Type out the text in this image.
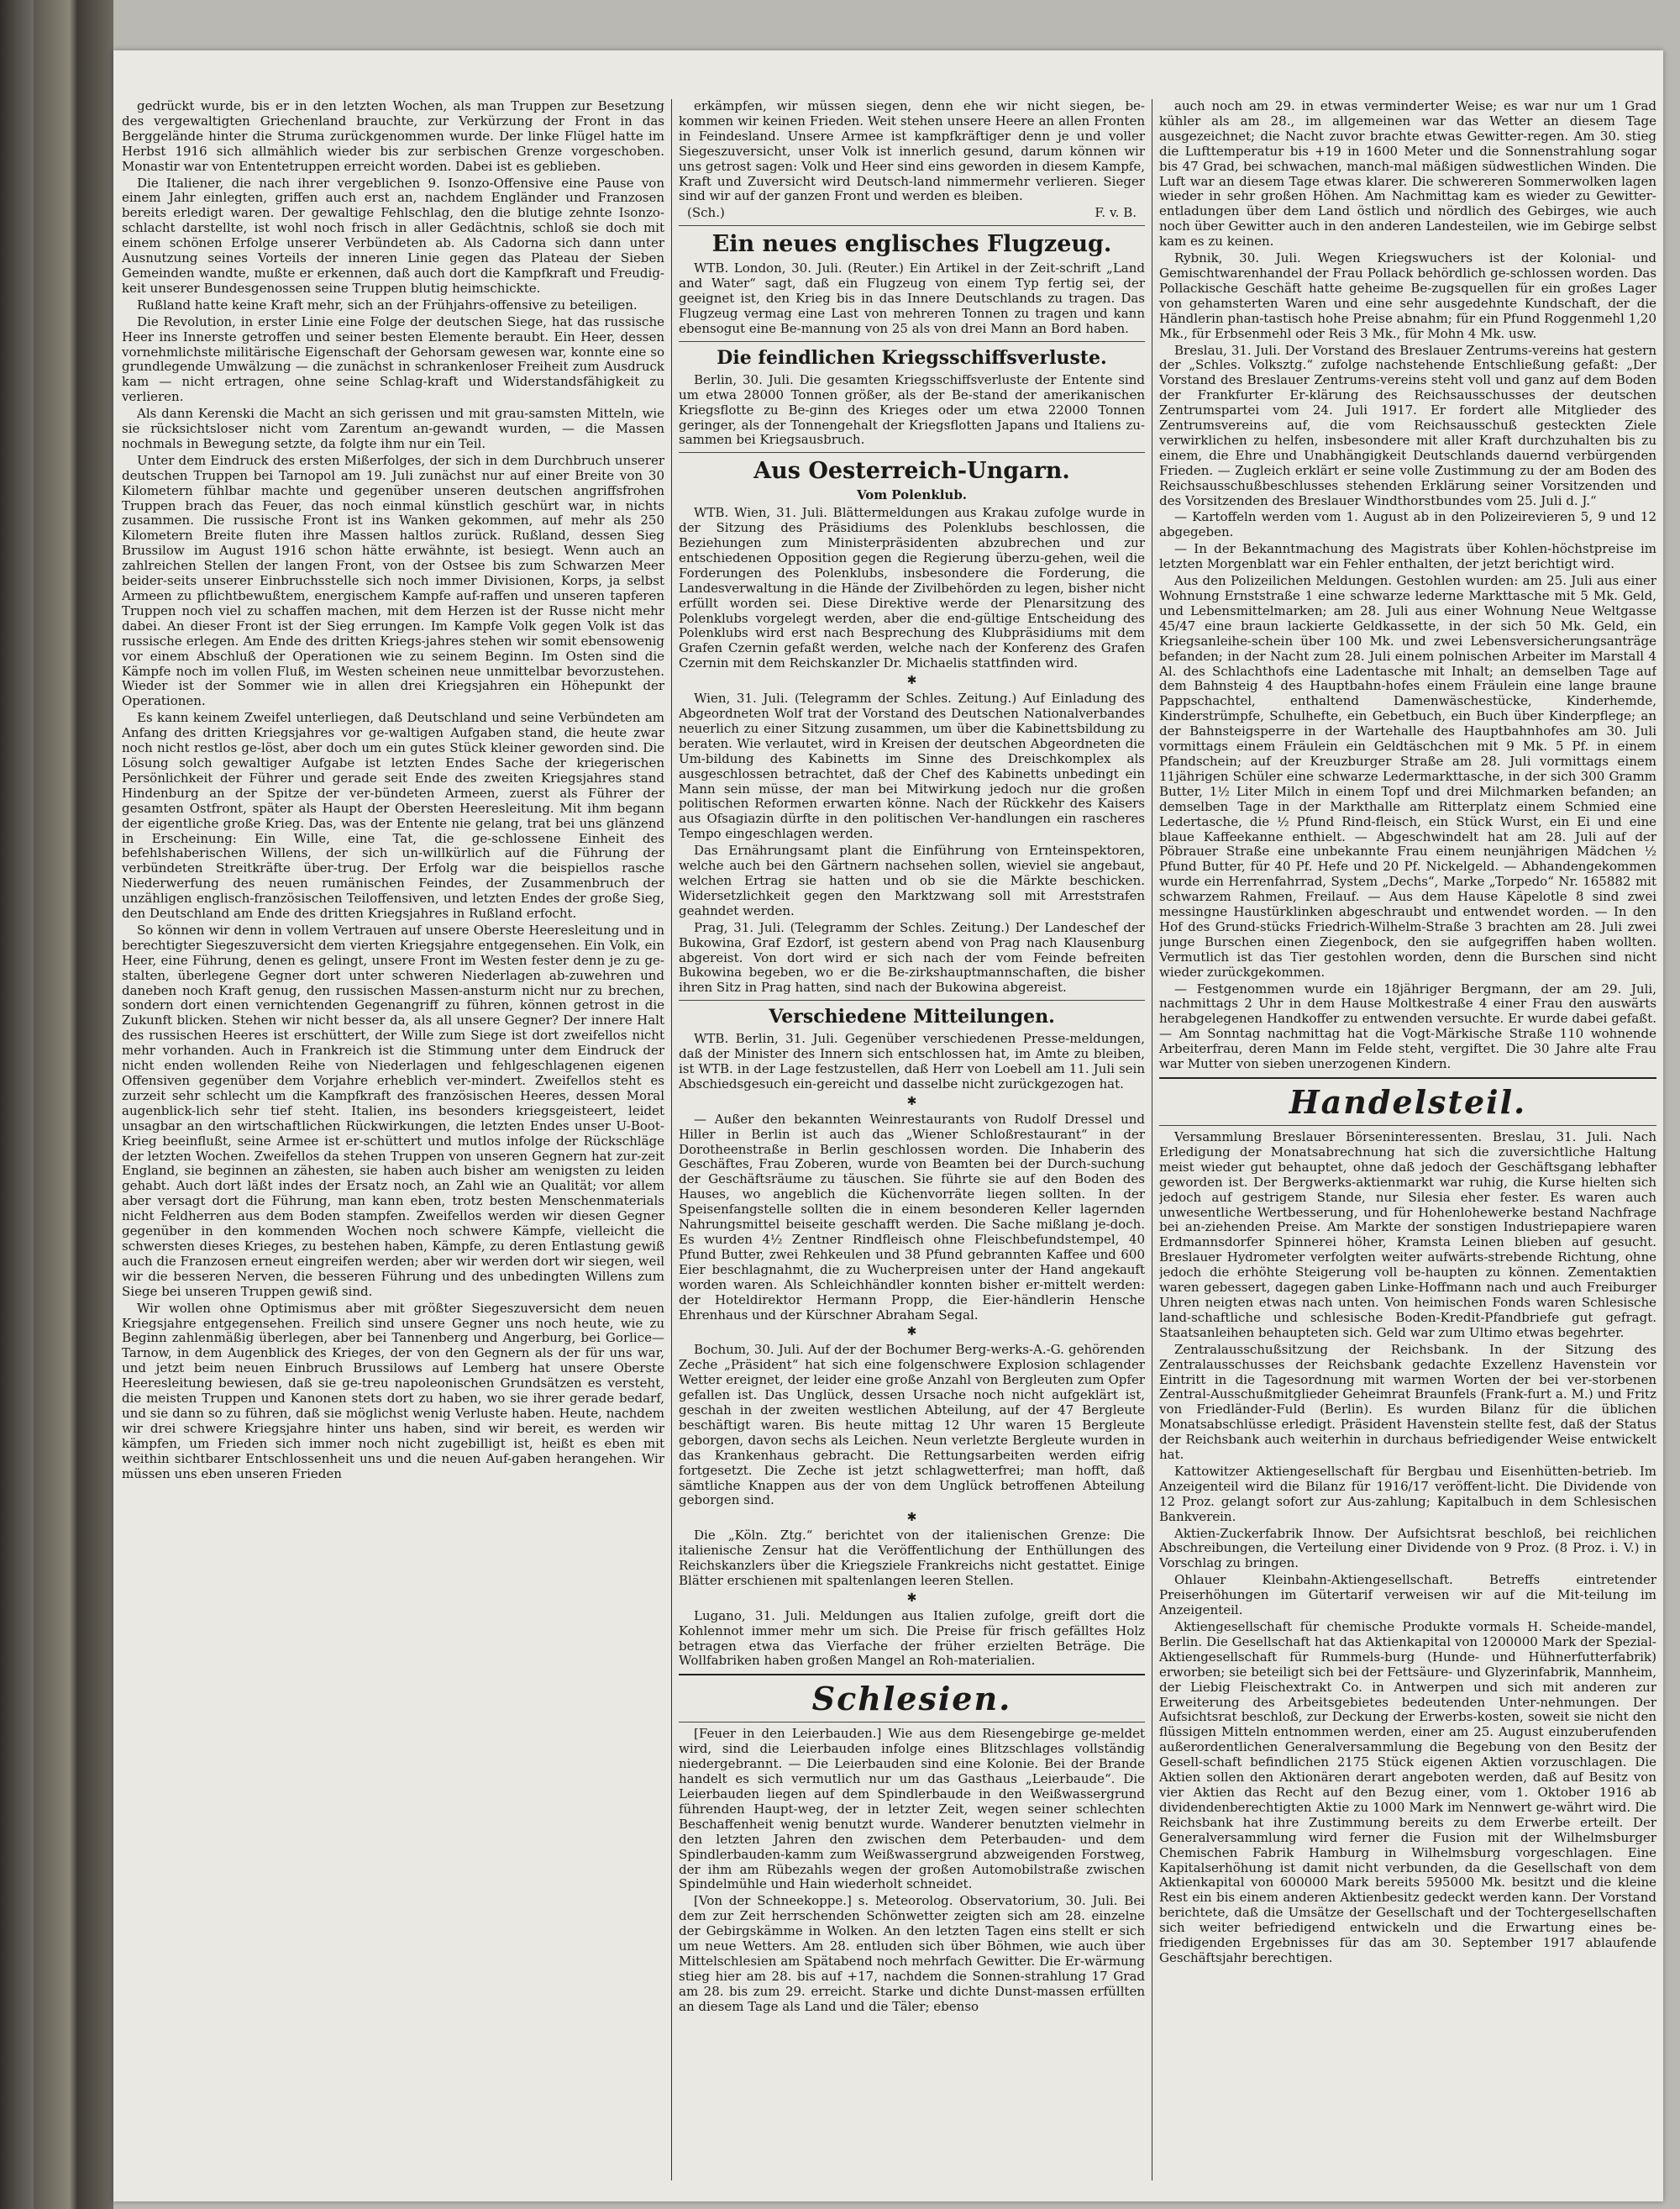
gedrückt wurde, bis er in den letzten Wochen, als man Truppen zur Besetzung des vergewaltigten Griechenland brauchte, zur Verkürzung der Front in das Berggelände hinter die Struma zurückgenommen wurde. Der linke Flügel hatte im Herbst 1916 sich allmählich wieder bis zur serbischen Grenze vorgeschoben. Monastir war von Ententetruppen erreicht worden. Dabei ist es geblieben.

Die Italiener, die nach ihrer vergeblichen 9. Isonzo-Offensive eine Pause von einem Jahr einlegten, griffen auch erst an, nachdem Engländer und Franzosen bereits erledigt waren. Der gewaltige Fehlschlag, den die blutige zehnte Isonzo-schlacht darstellte, ist wohl noch frisch in aller Gedächtnis, schloß sie doch mit einem schönen Erfolge unserer Verbündeten ab. Als Cadorna sich dann unter Ausnutzung seines Vorteils der inneren Linie gegen das Plateau der Sieben Gemeinden wandte, mußte er erkennen, daß auch dort die Kampfkraft und Freudig-keit unserer Bundesgenossen seine Truppen blutig heimschickte.

Rußland hatte keine Kraft mehr, sich an der Frühjahrs-offensive zu beteiligen.

Die Revolution, in erster Linie eine Folge der deutschen Siege, hat das russische Heer ins Innerste getroffen und seiner besten Elemente beraubt. Ein Heer, dessen vornehmlichste militärische Eigenschaft der Gehorsam gewesen war, konnte eine so grundlegende Umwälzung — die zunächst in schrankenloser Freiheit zum Ausdruck kam — nicht ertragen, ohne seine Schlag-kraft und Widerstandsfähigkeit zu verlieren.

Als dann Kerenski die Macht an sich gerissen und mit grau-samsten Mitteln, wie sie rücksichtsloser nicht vom Zarentum an-gewandt wurden, — die Massen nochmals in Bewegung setzte, da folgte ihm nur ein Teil.

Unter dem Eindruck des ersten Mißerfolges, der sich in dem Durchbruch unserer deutschen Truppen bei Tarnopol am 19. Juli zunächst nur auf einer Breite von 30 Kilometern fühlbar machte und gegenüber unseren deutschen angriffsfrohen Truppen brach das Feuer, das noch einmal künstlich geschürt war, in nichts zusammen. Die russische Front ist ins Wanken gekommen, auf mehr als 250 Kilometern Breite fluten ihre Massen haltlos zurück. Rußland, dessen Sieg Brussilow im August 1916 schon hätte erwähnte, ist besiegt. Wenn auch an zahlreichen Stellen der langen Front, von der Ostsee bis zum Schwarzen Meer beider-seits unserer Einbruchsstelle sich noch immer Divisionen, Korps, ja selbst Armeen zu pflichtbewußtem, energischem Kampfe auf-raffen und unseren tapferen Truppen noch viel zu schaffen machen, mit dem Herzen ist der Russe nicht mehr dabei. An dieser Front ist der Sieg errungen. Im Kampfe Volk gegen Volk ist das russische erlegen. Am Ende des dritten Kriegs-jahres stehen wir somit ebensowenig vor einem Abschluß der Operationen wie zu seinem Beginn. Im Osten sind die Kämpfe noch im vollen Fluß, im Westen scheinen neue unmittelbar bevorzustehen. Wieder ist der Sommer wie in allen drei Kriegsjahren ein Höhepunkt der Operationen.

Es kann keinem Zweifel unterliegen, daß Deutschland und seine Verbündeten am Anfang des dritten Kriegsjahres vor ge-waltigen Aufgaben stand, die heute zwar noch nicht restlos ge-löst, aber doch um ein gutes Stück kleiner geworden sind. Die Lösung solch gewaltiger Aufgabe ist letzten Endes Sache der kriegerischen Persönlichkeit der Führer und gerade seit Ende des zweiten Kriegsjahres stand Hindenburg an der Spitze der ver-bündeten Armeen, zuerst als Führer der gesamten Ostfront, später als Haupt der Obersten Heeresleitung. Mit ihm begann der eigentliche große Krieg. Das, was der Entente nie gelang, trat bei uns glänzend in Erscheinung: Ein Wille, eine Tat, die ge-schlossene Einheit des befehlshaberischen Willens, der sich un-willkürlich auf die Führung der verbündeten Streitkräfte über-trug. Der Erfolg war die beispiellos rasche Niederwerfung des neuen rumänischen Feindes, der Zusammenbruch der unzähligen englisch-französischen Teiloffensiven, und letzten Endes der große Sieg, den Deutschland am Ende des dritten Kriegsjahres in Rußland erfocht.

So können wir denn in vollem Vertrauen auf unsere Oberste Heeresleitung und in berechtigter Siegeszuversicht dem vierten Kriegsjahre entgegensehen. Ein Volk, ein Heer, eine Führung, denen es gelingt, unsere Front im Westen fester denn je zu ge-stalten, überlegene Gegner dort unter schweren Niederlagen ab-zuwehren und daneben noch Kraft genug, den russischen Massen-ansturm nicht nur zu brechen, sondern dort einen vernichtenden Gegenangriff zu führen, können getrost in die Zukunft blicken. Stehen wir nicht besser da, als all unsere Gegner? Der innere Halt des russischen Heeres ist erschüttert, der Wille zum Siege ist dort zweifellos nicht mehr vorhanden. Auch in Frankreich ist die Stimmung unter dem Eindruck der nicht enden wollenden Reihe von Niederlagen und fehlgeschlagenen eigenen Offensiven gegenüber dem Vorjahre erheblich ver-mindert. Zweifellos steht es zurzeit sehr schlecht um die Kampfkraft des französischen Heeres, dessen Moral augenblick-lich sehr tief steht. Italien, ins besonders kriegsgeisteert, leidet unsagbar an den wirtschaftlichen Rückwirkungen, die letzten Endes unser U-Boot-Krieg beeinflußt, seine Armee ist er-schüttert und mutlos infolge der Rückschläge der letzten Wochen. Zweifellos da stehen Truppen von unseren Gegnern hat zur-zeit England, sie beginnen an zähesten, sie haben auch bisher am wenigsten zu leiden gehabt. Auch dort läßt indes der Ersatz noch, an Zahl wie an Qualität; vor allem aber versagt dort die Führung, man kann eben, trotz besten Menschenmaterials nicht Feldherren aus dem Boden stampfen. Zweifellos werden wir diesen Gegner gegenüber in den kommenden Wochen noch schwere Kämpfe, vielleicht die schwersten dieses Krieges, zu bestehen haben, Kämpfe, zu deren Entlastung gewiß auch die Franzosen erneut eingreifen werden; aber wir werden dort wir siegen, weil wir die besseren Nerven, die besseren Führung und des unbedingten Willens zum Siege bei unseren Truppen gewiß sind.

Wir wollen ohne Optimismus aber mit größter Siegeszuversicht dem neuen Kriegsjahre entgegensehen. Freilich sind unsere Gegner uns noch heute, wie zu Beginn zahlenmäßig überlegen, aber bei Tannenberg und Angerburg, bei Gorlice—Tarnow, in dem Augenblick des Krieges, der von den Gegnern als der für uns war, und jetzt beim neuen Einbruch Brussilows auf Lemberg hat unsere Oberste Heeresleitung bewiesen, daß sie ge-treu napoleonischen Grundsätzen es versteht, die meisten Truppen und Kanonen stets dort zu haben, wo sie ihrer gerade bedarf, und sie dann so zu führen, daß sie möglichst wenig Verluste haben. Heute, nachdem wir drei schwere Kriegsjahre hinter uns haben, sind wir bereit, es werden wir kämpfen, um Frieden sich immer noch nicht zugebilligt ist, heißt es eben mit weithin sichtbarer Entschlossenheit uns und die neuen Auf-gaben herangehen. Wir müssen uns eben unseren Frieden

erkämpfen, wir müssen siegen, denn ehe wir nicht siegen, be-kommen wir keinen Frieden. Weit stehen unsere Heere an allen Fronten in Feindesland. Unsere Armee ist kampfkräftiger denn je und voller Siegeszuversicht, unser Volk ist innerlich gesund, darum können wir uns getrost sagen: Volk und Heer sind eins geworden in diesem Kampfe, Kraft und Zuversicht wird Deutsch-land nimmermehr verlieren. Sieger sind wir auf der ganzen Front und werden es bleiben.

(Sch.)	F. v. B.
Ein neues englisches Flugzeug.

WTB. London, 30. Juli. (Reuter.) Ein Artikel in der Zeit-schrift „Land and Water“ sagt, daß ein Flugzeug von einem Typ fertig sei, der geeignet ist, den Krieg bis in das Innere Deutschlands zu tragen. Das Flugzeug vermag eine Last von mehreren Tonnen zu tragen und kann ebensogut eine Be-mannung von 25 als von drei Mann an Bord haben.

Die feindlichen Kriegsschiffsverluste.

Berlin, 30. Juli. Die gesamten Kriegsschiffsverluste der Entente sind um etwa 28000 Tonnen größer, als der Be-stand der amerikanischen Kriegsflotte zu Be-ginn des Krieges oder um etwa 22000 Tonnen geringer, als der Tonnengehalt der Kriegsflotten Japans und Italiens zu-sammen bei Kriegsausbruch.

Aus Oesterreich-Ungarn.
Vom Polenklub.

WTB. Wien, 31. Juli. Blättermeldungen aus Krakau zufolge wurde in der Sitzung des Präsidiums des Polenklubs beschlossen, die Beziehungen zum Ministerpräsidenten abzubrechen und zur entschiedenen Opposition gegen die Regierung überzu-gehen, weil die Forderungen des Polenklubs, insbesondere die Forderung, die Landesverwaltung in die Hände der Zivilbehörden zu legen, bisher nicht erfüllt worden sei. Diese Direktive werde der Plenarsitzung des Polenklubs vorgelegt werden, aber die end-gültige Entscheidung des Polenklubs wird erst nach Besprechung des Klubpräsidiums mit dem Grafen Czernin gefaßt werden, welche nach der Konferenz des Grafen Czernin mit dem Reichskanzler Dr. Michaelis stattfinden wird.

✱

Wien, 31. Juli. (Telegramm der Schles. Zeitung.) Auf Einladung des Abgeordneten Wolf trat der Vorstand des Deutschen Nationalverbandes neuerlich zu einer Sitzung zusammen, um über die Kabinettsbildung zu beraten. Wie verlautet, wird in Kreisen der deutschen Abgeordneten die Um-bildung des Kabinetts im Sinne des Dreischkomplex als ausgeschlossen betrachtet, daß der Chef des Kabinetts unbedingt ein Mann sein müsse, der man bei Mitwirkung jedoch nur die großen politischen Reformen erwarten könne. Nach der Rückkehr des Kaisers aus Ofsagiazin dürfte in den politischen Ver-handlungen ein rascheres Tempo eingeschlagen werden.

Das Ernährungsamt plant die Einführung von Ernteinspektoren, welche auch bei den Gärtnern nachsehen sollen, wieviel sie angebaut, welchen Ertrag sie hatten und ob sie die Märkte beschicken. Widersetzlichkeit gegen den Marktzwang soll mit Arreststrafen geahndet werden.

Prag, 31. Juli. (Telegramm der Schles. Zeitung.) Der Landeschef der Bukowina, Graf Ezdorf, ist gestern abend von Prag nach Klausenburg abgereist. Von dort wird er sich nach der vom Feinde befreiten Bukowina begeben, wo er die Be-zirkshauptmannschaften, die bisher ihren Sitz in Prag hatten, sind nach der Bukowina abgereist.

Verschiedene Mitteilungen.

WTB. Berlin, 31. Juli. Gegenüber verschiedenen Presse-meldungen, daß der Minister des Innern sich entschlossen hat, im Amte zu bleiben, ist WTB. in der Lage festzustellen, daß Herr von Loebell am 11. Juli sein Abschiedsgesuch ein-gereicht und dasselbe nicht zurückgezogen hat.

✱

— Außer den bekannten Weinrestaurants von Rudolf Dressel und Hiller in Berlin ist auch das „Wiener Schloßrestaurant“ in der Dorotheenstraße in Berlin geschlossen worden. Die Inhaberin des Geschäftes, Frau Zoberen, wurde von Beamten bei der Durch-suchung der Geschäftsräume zu täuschen. Sie führte sie auf den Boden des Hauses, wo angeblich die Küchenvorräte liegen sollten. In der Speisenfangstelle sollten die in einem besonderen Keller lagernden Nahrungsmittel beiseite geschafft werden. Die Sache mißlang je-doch. Es wurden 4½ Zentner Rindfleisch ohne Fleischbefundstempel, 40 Pfund Butter, zwei Rehkeulen und 38 Pfund gebrannten Kaffee und 600 Eier beschlagnahmt, die zu Wucherpreisen unter der Hand angekauft worden waren. Als Schleichhändler konnten bisher er-mittelt werden: der Hoteldirektor Hermann Propp, die Eier-händlerin Hensche Ehrenhaus und der Kürschner Abraham Segal.

✱

Bochum, 30. Juli. Auf der der Bochumer Berg-werks-A.-G. gehörenden Zeche „Präsident“ hat sich eine folgenschwere Explosion schlagender Wetter ereignet, der leider eine große Anzahl von Bergleuten zum Opfer gefallen ist. Das Unglück, dessen Ursache noch nicht aufgeklärt ist, geschah in der zweiten westlichen Abteilung, auf der 47 Bergleute beschäftigt waren. Bis heute mittag 12 Uhr waren 15 Bergleute geborgen, davon sechs als Leichen. Neun verletzte Bergleute wurden in das Krankenhaus gebracht. Die Rettungsarbeiten werden eifrig fortgesetzt. Die Zeche ist jetzt schlagwetterfrei; man hofft, daß sämtliche Knappen aus der von dem Unglück betroffenen Abteilung geborgen sind.

✱

Die „Köln. Ztg.“ berichtet von der italienischen Grenze: Die italienische Zensur hat die Veröffentlichung der Enthüllungen des Reichskanzlers über die Kriegsziele Frankreichs nicht gestattet. Einige Blätter erschienen mit spaltenlangen leeren Stellen.

✱

Lugano, 31. Juli. Meldungen aus Italien zufolge, greift dort die Kohlennot immer mehr um sich. Die Preise für frisch gefälltes Holz betragen etwa das Vierfache der früher erzielten Beträge. Die Wollfabriken haben großen Mangel an Roh-materialien.

Schlesien.

[Feuer in den Leierbauden.] Wie aus dem Riesengebirge ge-meldet wird, sind die Leierbauden infolge eines Blitzschlages vollständig niedergebrannt. — Die Leierbauden sind eine Kolonie. Bei der Brande handelt es sich vermutlich nur um das Gasthaus „Leierbaude“. Die Leierbauden liegen auf dem Spindlerbaude in den Weißwassergrund führenden Haupt-weg, der in letzter Zeit, wegen seiner schlechten Beschaffenheit wenig benutzt wurde. Wanderer benutzten vielmehr in den letzten Jahren den zwischen dem Peterbauden- und dem Spindlerbauden-kamm zum Weißwassergrund abzweigenden Forstweg, der ihm am Rübezahls wegen der großen Automobilstraße zwischen Spindelmühle und Hain wiederholt schneidet.

[Von der Schneekoppe.] s. Meteorolog. Observatorium, 30. Juli. Bei dem zur Zeit herrschenden Schönwetter zeigten sich am 28. einzelne der Gebirgskämme in Wolken. An den letzten Tagen eins stellt er sich um neue Wetters. Am 28. entluden sich über Böhmen, wie auch über Mittelschlesien am Spätabend noch mehrfach Gewitter. Die Er-wärmung stieg hier am 28. bis auf +17, nachdem die Sonnen-strahlung 17 Grad am 28. bis zum 29. erreicht. Starke und dichte Dunst-massen erfüllten an diesem Tage als Land und die Täler; ebenso

auch noch am 29. in etwas verminderter Weise; es war nur um 1 Grad kühler als am 28., im allgemeinen war das Wetter an diesem Tage ausgezeichnet; die Nacht zuvor brachte etwas Gewitter-regen. Am 30. stieg die Lufttemperatur bis +19 in 1600 Meter und die Sonnenstrahlung sogar bis 47 Grad, bei schwachen, manch-mal mäßigen südwestlichen Winden. Die Luft war an diesem Tage etwas klarer. Die schwereren Sommerwolken lagen wieder in sehr großen Höhen. Am Nachmittag kam es wieder zu Gewitter-entladungen über dem Land östlich und nördlich des Gebirges, wie auch noch über Gewitter auch in den anderen Landesteilen, wie im Gebirge selbst kam es zu keinen.

Rybnik, 30. Juli. Wegen Kriegswuchers ist der Kolonial- und Gemischtwarenhandel der Frau Pollack behördlich ge-schlossen worden. Das Pollackische Geschäft hatte geheime Be-zugsquellen für ein großes Lager von gehamsterten Waren und eine sehr ausgedehnte Kundschaft, der die Händlerin phan-tastisch hohe Preise abnahm; für ein Pfund Roggenmehl 1,20 Mk., für Erbsenmehl oder Reis 3 Mk., für Mohn 4 Mk. usw.

Breslau, 31. Juli. Der Vorstand des Breslauer Zentrums-vereins hat gestern der „Schles. Volksztg.“ zufolge nachstehende Entschließung gefaßt: „Der Vorstand des Breslauer Zentrums-vereins steht voll und ganz auf dem Boden der Frankfurter Er-klärung des Reichsausschusses der deutschen Zentrumspartei vom 24. Juli 1917. Er fordert alle Mitglieder des Zentrumsvereins auf, die vom Reichsausschuß gesteckten Ziele verwirklichen zu helfen, insbesondere mit aller Kraft durchzuhalten bis zu einem, die Ehre und Unabhängigkeit Deutschlands dauernd verbürgenden Frieden. — Zugleich erklärt er seine volle Zustimmung zu der am Boden des Reichsausschußbeschlusses stehenden Erklärung seiner Vorsitzenden und des Vorsitzenden des Breslauer Windthorstbundes vom 25. Juli d. J.“

— Kartoffeln werden vom 1. August ab in den Polizeirevieren 5, 9 und 12 abgegeben.

— In der Bekanntmachung des Magistrats über Kohlen-höchstpreise im letzten Morgenblatt war ein Fehler enthalten, der jetzt berichtigt wird.

Aus den Polizeilichen Meldungen. Gestohlen wurden: am 25. Juli aus einer Wohnung Ernststraße 1 eine schwarze lederne Markttasche mit 5 Mk. Geld, und Lebensmittelmarken; am 28. Juli aus einer Wohnung Neue Weltgasse 45/47 eine braun lackierte Geldkassette, in der sich 50 Mk. Geld, ein Kriegsanleihe-schein über 100 Mk. und zwei Lebensversicherungsanträge befanden; in der Nacht zum 28. Juli einem polnischen Arbeiter im Marstall 4 Al. des Schlachthofs eine Ladentasche mit Inhalt; an demselben Tage auf dem Bahnsteig 4 des Hauptbahn-hofes einem Fräulein eine lange braune Pappschachtel, enthaltend Damenwäschestücke, Kinderhemde, Kinderstrümpfe, Schulhefte, ein Gebetbuch, ein Buch über Kinderpflege; an der Bahnsteigsperre in der Wartehalle des Hauptbahnhofes am 30. Juli vormittags einem Fräulein ein Geldtäschchen mit 9 Mk. 5 Pf. in einem Pfandschein; auf der Kreuzburger Straße am 28. Juli vormittags einem 11jährigen Schüler eine schwarze Ledermarkttasche, in der sich 300 Gramm Butter, 1½ Liter Milch in einem Topf und drei Milchmarken befanden; an demselben Tage in der Markthalle am Ritterplatz einem Schmied eine Ledertasche, die ½ Pfund Rind-fleisch, ein Stück Wurst, ein Ei und eine blaue Kaffeekanne enthielt. — Abgeschwindelt hat am 28. Juli auf der Pöbrauer Straße eine unbekannte Frau einem neunjährigen Mädchen ½ Pfund Butter, für 40 Pf. Hefe und 20 Pf. Nickelgeld. — Abhandengekommen wurde ein Herrenfahrrad, System „Dechs“, Marke „Torpedo“ Nr. 165882 mit schwarzem Rahmen, Freilauf. — Aus dem Hause Käpelotle 8 sind zwei messingne Haustürklinken abgeschraubt und entwendet worden. — In den Hof des Grund-stücks Friedrich-Wilhelm-Straße 3 brachten am 28. Juli zwei junge Burschen einen Ziegenbock, den sie aufgegriffen haben wollten. Vermutlich ist das Tier gestohlen worden, denn die Burschen sind nicht wieder zurückgekommen.

— Festgenommen wurde ein 18jähriger Bergmann, der am 29. Juli, nachmittags 2 Uhr in dem Hause Moltkestraße 4 einer Frau den auswärts herabgelegenen Handkoffer zu entwenden versuchte. Er wurde dabei gefaßt. — Am Sonntag nachmittag hat die Vogt-Märkische Straße 110 wohnende Arbeiterfrau, deren Mann im Felde steht, vergiftet. Die 30 Jahre alte Frau war Mutter von sieben unerzogenen Kindern.

Handelsteil.

Versammlung Breslauer Börseninteressenten. Breslau, 31. Juli. Nach Erledigung der Monatsabrechnung hat sich die zuversichtliche Haltung meist wieder gut behauptet, ohne daß jedoch der Geschäftsgang lebhafter geworden ist. Der Bergwerks-aktienmarkt war ruhig, die Kurse hielten sich jedoch auf gestrigem Stande, nur Silesia eher fester. Es waren auch unwesentliche Wertbesserung, und für Hohenlohewerke bestand Nachfrage bei an-ziehenden Preise. Am Markte der sonstigen Industriepapiere waren Erdmannsdorfer Spinnerei höher, Kramsta Leinen blieben auf gesucht. Breslauer Hydrometer verfolgten weiter aufwärts-strebende Richtung, ohne jedoch die erhöhte Steigerung voll be-haupten zu können. Zementaktien waren gebessert, dagegen gaben Linke-Hoffmann nach und auch Freiburger Uhren neigten etwas nach unten. Von heimischen Fonds waren Schlesische land-schaftliche und schlesische Boden-Kredit-Pfandbriefe gut gefragt. Staatsanleihen behaupteten sich. Geld war zum Ultimo etwas begehrter.

Zentralausschußsitzung der Reichsbank. In der Sitzung des Zentralausschusses der Reichsbank gedachte Exzellenz Havenstein vor Eintritt in die Tagesordnung mit warmen Worten der bei ver-storbenen Zentral-Ausschußmitglieder Geheimrat Braunfels (Frank-furt a. M.) und Fritz von Friedländer-Fuld (Berlin). Es wurden Bilanz für die üblichen Monatsabschlüsse erledigt. Präsident Havenstein stellte fest, daß der Status der Reichsbank auch weiterhin in durchaus befriedigender Weise entwickelt hat.

Kattowitzer Aktiengesellschaft für Bergbau und Eisenhütten-betrieb. Im Anzeigenteil wird die Bilanz für 1916/17 veröffent-licht. Die Dividende von 12 Proz. gelangt sofort zur Aus-zahlung; Kapitalbuch in dem Schlesischen Bankverein.

Aktien-Zuckerfabrik Ihnow. Der Aufsichtsrat beschloß, bei reichlichen Abschreibungen, die Verteilung einer Dividende von 9 Proz. (8 Proz. i. V.) in Vorschlag zu bringen.

Ohlauer Kleinbahn-Aktiengesellschaft. Betreffs eintretender Preiserhöhungen im Gütertarif verweisen wir auf die Mit-teilung im Anzeigenteil.

Aktiengesellschaft für chemische Produkte vormals H. Scheide-mandel, Berlin. Die Gesellschaft hat das Aktienkapital von 1200000 Mark der Spezial-Aktiengesellschaft für Rummels-burg (Hunde- und Hühnerfutterfabrik) erworben; sie beteiligt sich bei der Fettsäure- und Glyzerinfabrik, Mannheim, der Liebig Fleischextrakt Co. in Antwerpen und sich mit anderen zur Erweiterung des Arbeitsgebietes bedeutenden Unter-nehmungen. Der Aufsichtsrat beschloß, zur Deckung der Erwerbs-kosten, soweit sie nicht den flüssigen Mitteln entnommen werden, einer am 25. August einzuberufenden außerordentlichen Generalversammlung die Begebung von den Besitz der Gesell-schaft befindlichen 2175 Stück eigenen Aktien vorzuschlagen. Die Aktien sollen den Aktionären derart angeboten werden, daß auf Besitz von vier Aktien das Recht auf den Bezug einer, vom 1. Oktober 1916 ab dividendenberechtigten Aktie zu 1000 Mark im Nennwert ge-währt wird. Die Reichsbank hat ihre Zustimmung bereits zu dem Erwerbe erteilt. Der Generalversammlung wird ferner die Fusion mit der Wilhelmsburger Chemischen Fabrik Hamburg in Wilhelmsburg vorgeschlagen. Eine Kapitalserhöhung ist damit nicht verbunden, da die Gesellschaft von dem Aktienkapital von 600000 Mark bereits 595000 Mk. besitzt und die kleine Rest ein bis einem anderen Aktienbesitz gedeckt werden kann. Der Vorstand berichtete, daß die Umsätze der Gesellschaft und der Tochtergesellschaften sich weiter befriedigend entwickeln und die Erwartung eines be-friedigenden Ergebnisses für das am 30. September 1917 ablaufende Geschäftsjahr berechtigen.
